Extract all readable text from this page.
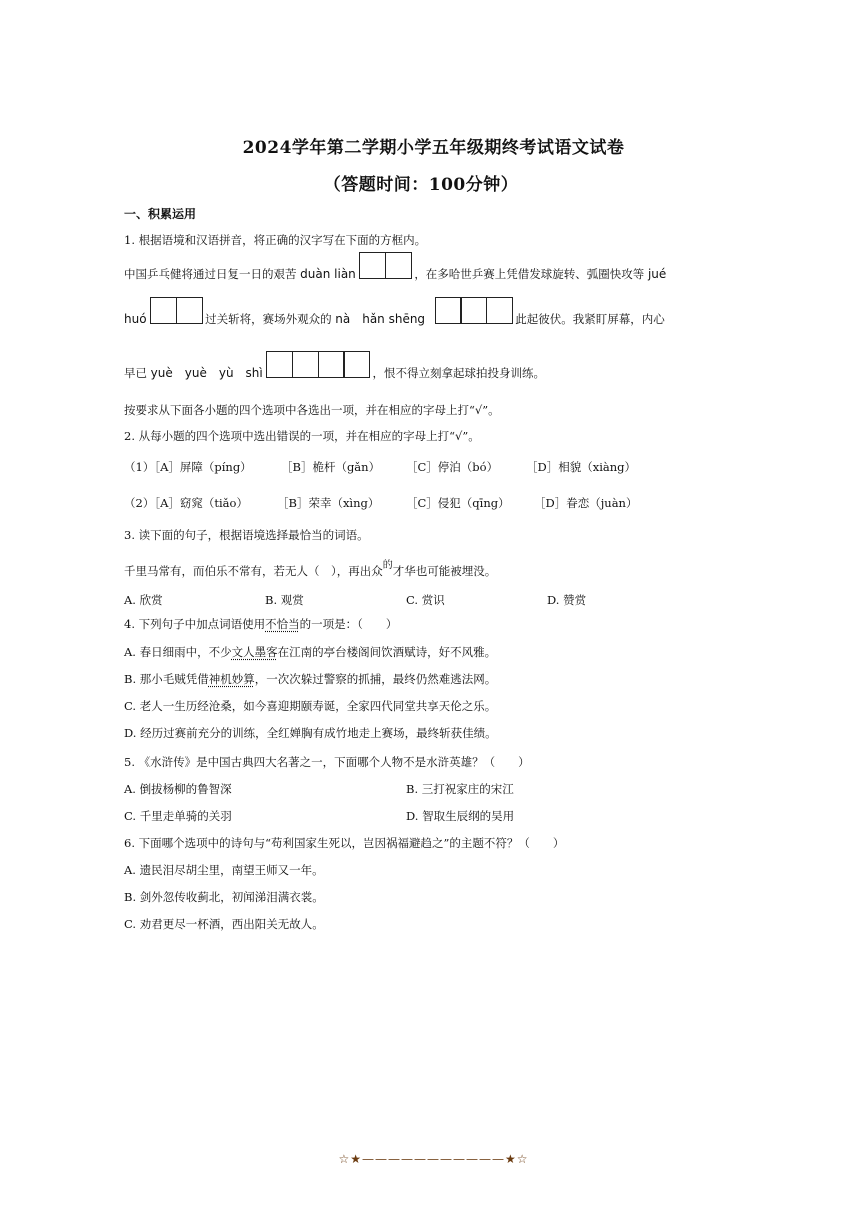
2024学年第二学期小学五年级期终考试语文试卷
（答题时间：100分钟）
一、积累运用
1. 根据语境和汉语拼音，将正确的汉字写在下面的方框内。
中国乒乓健将通过日复一日的艰苦 duàn liàn	，在多哈世乒赛上凭借发球旋转、弧圈快攻等 jué
huó	过关斩将，赛场外观众的 nà　hǎn shēng	此起彼伏。我紧盯屏幕，内心
早已 yuè　yuè　yù　shì	，恨不得立刻拿起球拍投身训练。
按要求从下面各小题的四个选项中各选出一项，并在相应的字母上打“√”。
2. 从每小题的四个选项中选出错误的一项，并在相应的字母上打“√”。
（1）［A］屏障（píng）	［B］桅杆（gǎn） ［C］停泊（bó） ［D］相貌（xiàng）
（2）［A］窈窕（tiǎo）	［B］荣幸（xìng） ［C］侵犯（qīng） ［D］眷恋（juàn）
3. 读下面的句子，根据语境选择最恰当的词语。
千里马常有，而伯乐不常有，若无人（　），再出众的才华也可能被埋没。
A. 欣赏	B. 观赏	C. 赏识	D. 赞赏
4. 下列句子中加点词语使用不恰当的一项是：（　　）
A. 春日细雨中，不少文人墨客在江南的亭台楼阁间饮酒赋诗，好不风雅。
B. 那小毛贼凭借神机妙算，一次次躲过警察的抓捕，最终仍然难逃法网。
C. 老人一生历经沧桑，如今喜迎期颐寿诞，全家四代同堂共享天伦之乐。
D. 经历过赛前充分的训练，全红婵胸有成竹地走上赛场，最终斩获佳绩。
5. 《水浒传》是中国古典四大名著之一，下面哪个人物不是水浒英雄？（　　）
A. 倒拔杨柳的鲁智深	B. 三打祝家庄的宋江
C. 千里走单骑的关羽	D. 智取生辰纲的吴用
6. 下面哪个选项中的诗句与“苟利国家生死以，岂因祸福避趋之”的主题不符？（　　）
A. 遗民泪尽胡尘里，南望王师又一年。
B. 剑外忽传收蓟北，初闻涕泪满衣裳。
C. 劝君更尽一杯酒，西出阳关无故人。
☆★———————————★☆
